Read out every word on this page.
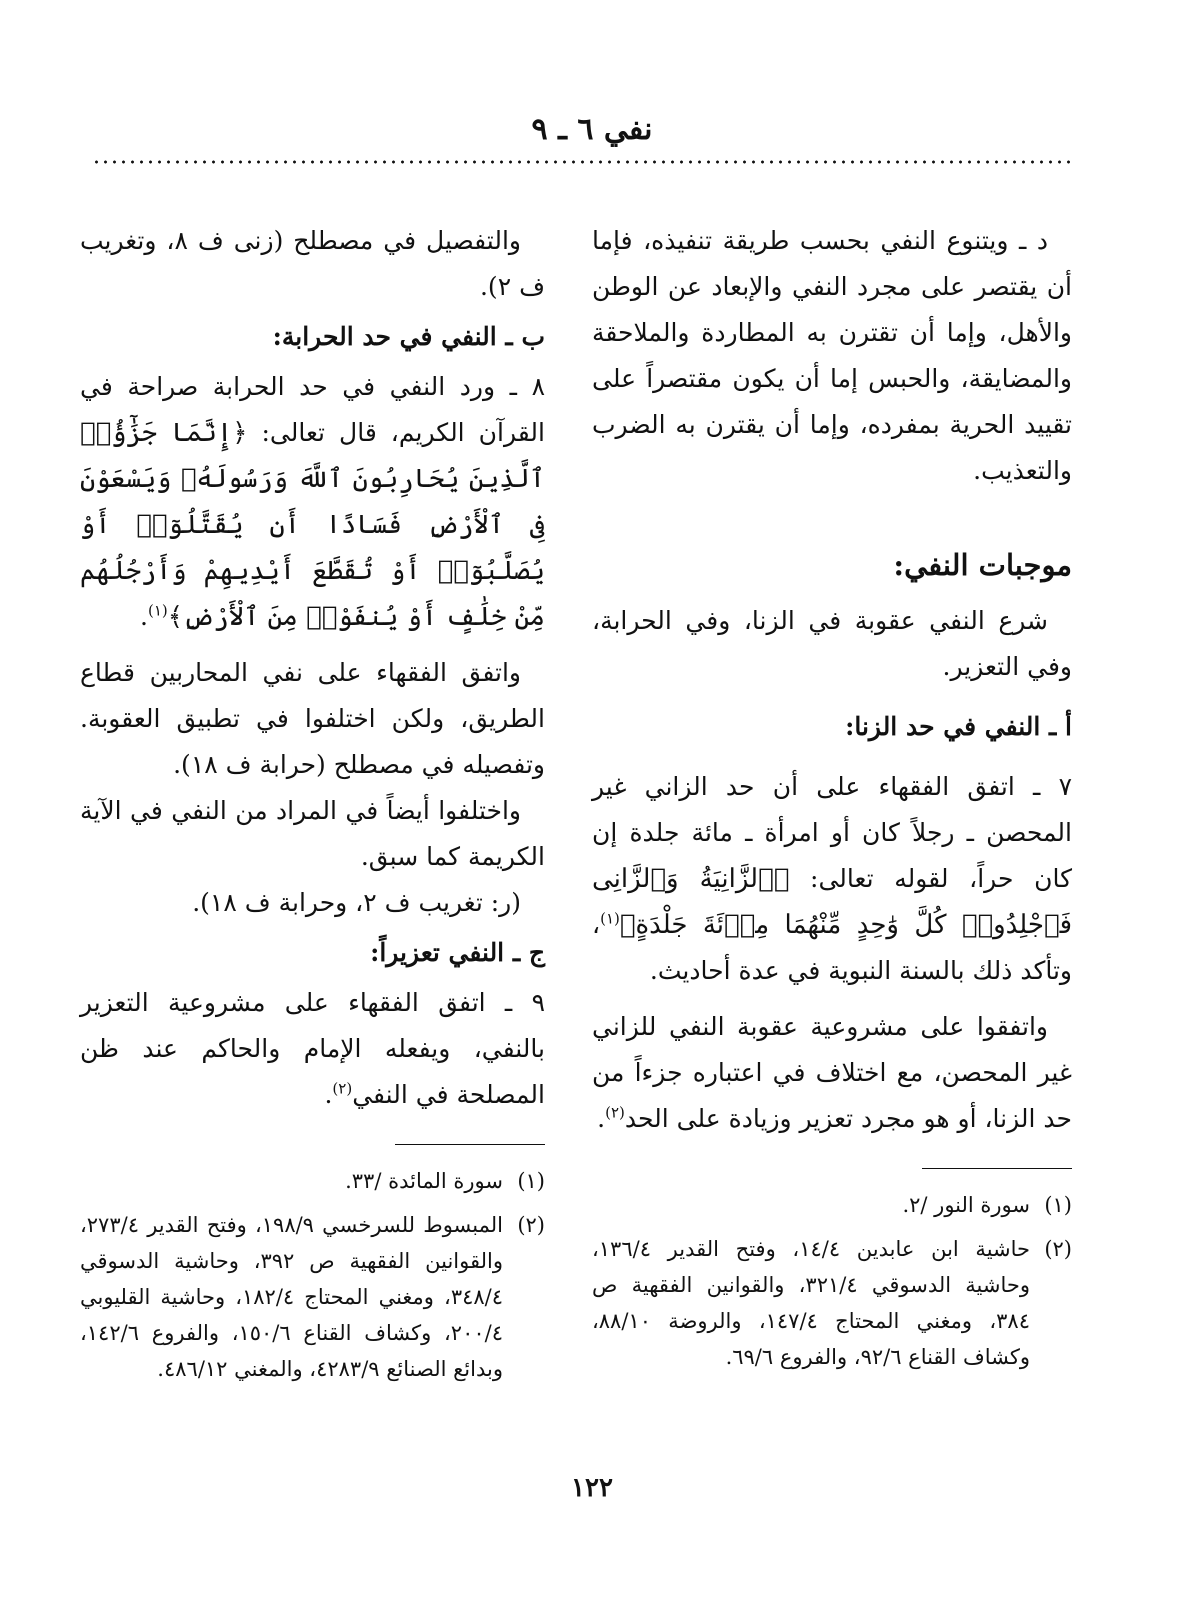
نفي ٦ ـ ٩

د ـ ويتنوع النفي بحسب طريقة تنفيذه، فإما أن يقتصر على مجرد النفي والإبعاد عن الوطن والأهل، وإما أن تقترن به المطاردة والملاحقة والمضايقة، والحبس إما أن يكون مقتصراً على تقييد الحرية بمفرده، وإما أن يقترن به الضرب والتعذيب.

موجبات النفي:

شرع النفي عقوبة في الزنا، وفي الحرابة، وفي التعزير.

أ ـ النفي في حد الزنا:

٧ ـ اتفق الفقهاء على أن حد الزاني غير المحصن ـ رجلاً كان أو امرأة ـ مائة جلدة إن كان حراً، لقوله تعالى: ﴿ٱلزَّانِيَةُ وَٱلزَّانِى فَٱجْلِدُوا۟ كُلَّ وَٰحِدٍ مِّنْهُمَا مِا۟ئَةَ جَلْدَةٍ﴾$^{(١)}$، وتأكد ذلك بالسنة النبوية في عدة أحاديث.

واتفقوا على مشروعية عقوبة النفي للزاني غير المحصن، مع اختلاف في اعتباره جزءاً من حد الزنا، أو هو مجرد تعزير وزيادة على الحد$^{(٢)}$.

(١)
سورة النور /٢.
(٢)
حاشية ابن عابدين ١٤/٤، وفتح القدير ١٣٦/٤، وحاشية الدسوقي ٣٢١/٤، والقوانين الفقهية ص ٣٨٤، ومغني المحتاج ١٤٧/٤، والروضة ٨٨/١٠، وكشاف القناع ٩٢/٦، والفروع ٦٩/٦.

والتفصيل في مصطلح (زنى ف ٨، وتغريب ف ٢).

ب ـ النفي في حد الحرابة:

٨ ـ ورد النفي في حد الحرابة صراحة في القرآن الكريم، قال تعالى: ﴿إِنَّمَا جَزَٰٓؤُا۟ ٱلَّذِينَ يُحَارِبُونَ ٱللَّهَ وَرَسُولَهُۥ وَيَسْعَوْنَ فِى ٱلْأَرْضِ فَسَادًا أَن يُقَتَّلُوٓا۟ أَوْ يُصَلَّبُوٓا۟ أَوْ تُقَطَّعَ أَيْدِيهِمْ وَأَرْجُلُهُم مِّنْ خِلَٰفٍ أَوْ يُنفَوْا۟ مِنَ ٱلْأَرْضِ﴾$^{(١)}$.

واتفق الفقهاء على نفي المحاربين قطاع الطريق، ولكن اختلفوا في تطبيق العقوبة. وتفصيله في مصطلح (حرابة ف ١٨).

واختلفوا أيضاً في المراد من النفي في الآية الكريمة كما سبق.

(ر: تغريب ف ٢، وحرابة ف ١٨).

ج ـ النفي تعزيراً:

٩ ـ اتفق الفقهاء على مشروعية التعزير بالنفي، ويفعله الإمام والحاكم عند ظن المصلحة في النفي$^{(٢)}$.

(١)
سورة المائدة /٣٣.
(٢)
المبسوط للسرخسي ١٩٨/٩، وفتح القدير ٢٧٣/٤، والقوانين الفقهية ص ٣٩٢، وحاشية الدسوقي ٣٤٨/٤، ومغني المحتاج ١٨٢/٤، وحاشية القليوبي ٢٠٠/٤، وكشاف القناع ١٥٠/٦، والفروع ١٤٢/٦، وبدائع الصنائع ٤٢٨٣/٩، والمغني ٤٨٦/١٢.
١٢٢
